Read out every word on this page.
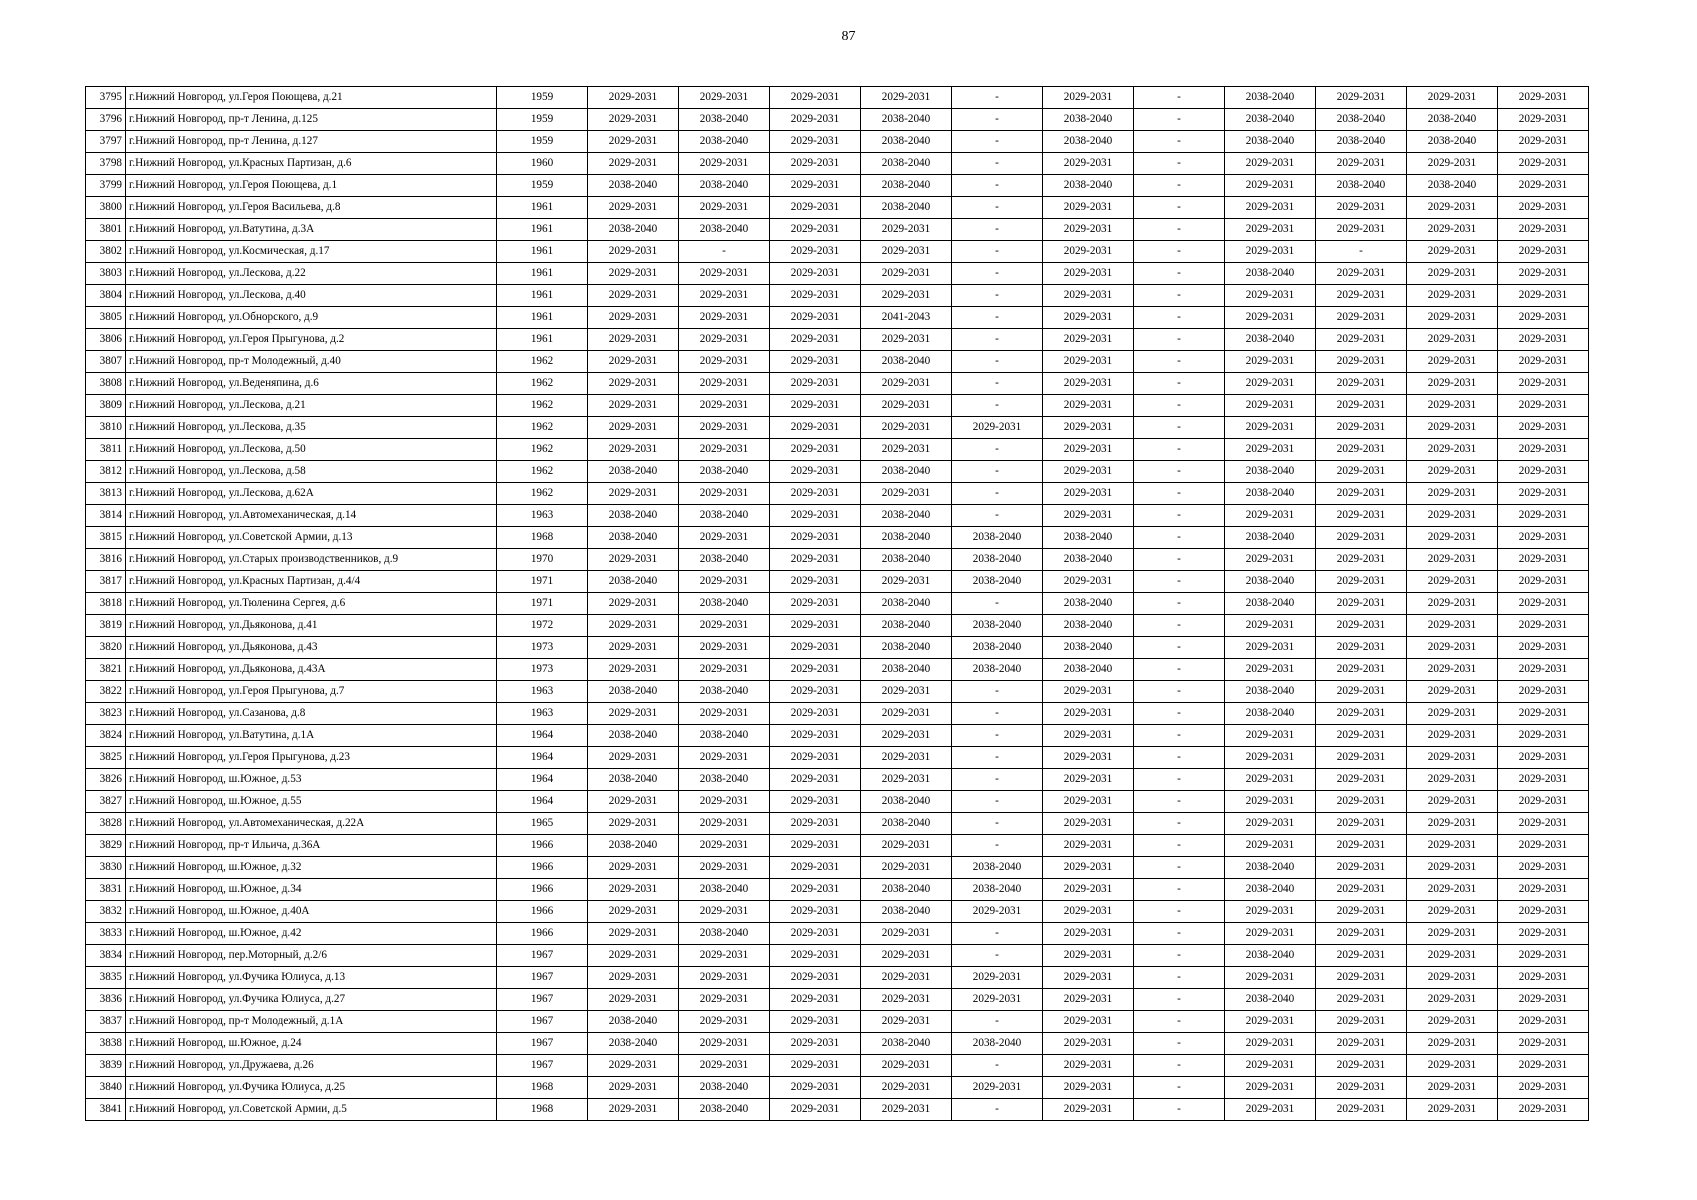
87
3795	г.Нижний Новгород, ул.Героя Поющева, д.21	1959	2029-2031	2029-2031	2029-2031	2029-2031	-	2029-2031	-	2038-2040	2029-2031	2029-2031	2029-2031
3796	г.Нижний Новгород, пр-т Ленина, д.125	1959	2029-2031	2038-2040	2029-2031	2038-2040	-	2038-2040	-	2038-2040	2038-2040	2038-2040	2029-2031
3797	г.Нижний Новгород, пр-т Ленина, д.127	1959	2029-2031	2038-2040	2029-2031	2038-2040	-	2038-2040	-	2038-2040	2038-2040	2038-2040	2029-2031
3798	г.Нижний Новгород, ул.Красных Партизан, д.6	1960	2029-2031	2029-2031	2029-2031	2038-2040	-	2029-2031	-	2029-2031	2029-2031	2029-2031	2029-2031
3799	г.Нижний Новгород, ул.Героя Поющева, д.1	1959	2038-2040	2038-2040	2029-2031	2038-2040	-	2038-2040	-	2029-2031	2038-2040	2038-2040	2029-2031
3800	г.Нижний Новгород, ул.Героя Васильева, д.8	1961	2029-2031	2029-2031	2029-2031	2038-2040	-	2029-2031	-	2029-2031	2029-2031	2029-2031	2029-2031
3801	г.Нижний Новгород, ул.Ватутина, д.3А	1961	2038-2040	2038-2040	2029-2031	2029-2031	-	2029-2031	-	2029-2031	2029-2031	2029-2031	2029-2031
3802	г.Нижний Новгород, ул.Космическая, д.17	1961	2029-2031	-	2029-2031	2029-2031	-	2029-2031	-	2029-2031	-	2029-2031	2029-2031
3803	г.Нижний Новгород, ул.Лескова, д.22	1961	2029-2031	2029-2031	2029-2031	2029-2031	-	2029-2031	-	2038-2040	2029-2031	2029-2031	2029-2031
3804	г.Нижний Новгород, ул.Лескова, д.40	1961	2029-2031	2029-2031	2029-2031	2029-2031	-	2029-2031	-	2029-2031	2029-2031	2029-2031	2029-2031
3805	г.Нижний Новгород, ул.Обнорского, д.9	1961	2029-2031	2029-2031	2029-2031	2041-2043	-	2029-2031	-	2029-2031	2029-2031	2029-2031	2029-2031
3806	г.Нижний Новгород, ул.Героя Прыгунова, д.2	1961	2029-2031	2029-2031	2029-2031	2029-2031	-	2029-2031	-	2038-2040	2029-2031	2029-2031	2029-2031
3807	г.Нижний Новгород, пр-т Молодежный, д.40	1962	2029-2031	2029-2031	2029-2031	2038-2040	-	2029-2031	-	2029-2031	2029-2031	2029-2031	2029-2031
3808	г.Нижний Новгород, ул.Веденяпина, д.6	1962	2029-2031	2029-2031	2029-2031	2029-2031	-	2029-2031	-	2029-2031	2029-2031	2029-2031	2029-2031
3809	г.Нижний Новгород, ул.Лескова, д.21	1962	2029-2031	2029-2031	2029-2031	2029-2031	-	2029-2031	-	2029-2031	2029-2031	2029-2031	2029-2031
3810	г.Нижний Новгород, ул.Лескова, д.35	1962	2029-2031	2029-2031	2029-2031	2029-2031	2029-2031	2029-2031	-	2029-2031	2029-2031	2029-2031	2029-2031
3811	г.Нижний Новгород, ул.Лескова, д.50	1962	2029-2031	2029-2031	2029-2031	2029-2031	-	2029-2031	-	2029-2031	2029-2031	2029-2031	2029-2031
3812	г.Нижний Новгород, ул.Лескова, д.58	1962	2038-2040	2038-2040	2029-2031	2038-2040	-	2029-2031	-	2038-2040	2029-2031	2029-2031	2029-2031
3813	г.Нижний Новгород, ул.Лескова, д.62А	1962	2029-2031	2029-2031	2029-2031	2029-2031	-	2029-2031	-	2038-2040	2029-2031	2029-2031	2029-2031
3814	г.Нижний Новгород, ул.Автомеханическая, д.14	1963	2038-2040	2038-2040	2029-2031	2038-2040	-	2029-2031	-	2029-2031	2029-2031	2029-2031	2029-2031
3815	г.Нижний Новгород, ул.Советской Армии, д.13	1968	2038-2040	2029-2031	2029-2031	2038-2040	2038-2040	2038-2040	-	2038-2040	2029-2031	2029-2031	2029-2031
3816	г.Нижний Новгород, ул.Старых производственников, д.9	1970	2029-2031	2038-2040	2029-2031	2038-2040	2038-2040	2038-2040	-	2029-2031	2029-2031	2029-2031	2029-2031
3817	г.Нижний Новгород, ул.Красных Партизан, д.4/4	1971	2038-2040	2029-2031	2029-2031	2029-2031	2038-2040	2029-2031	-	2038-2040	2029-2031	2029-2031	2029-2031
3818	г.Нижний Новгород, ул.Тюленина Сергея, д.6	1971	2029-2031	2038-2040	2029-2031	2038-2040	-	2038-2040	-	2038-2040	2029-2031	2029-2031	2029-2031
3819	г.Нижний Новгород, ул.Дьяконова, д.41	1972	2029-2031	2029-2031	2029-2031	2038-2040	2038-2040	2038-2040	-	2029-2031	2029-2031	2029-2031	2029-2031
3820	г.Нижний Новгород, ул.Дьяконова, д.43	1973	2029-2031	2029-2031	2029-2031	2038-2040	2038-2040	2038-2040	-	2029-2031	2029-2031	2029-2031	2029-2031
3821	г.Нижний Новгород, ул.Дьяконова, д.43А	1973	2029-2031	2029-2031	2029-2031	2038-2040	2038-2040	2038-2040	-	2029-2031	2029-2031	2029-2031	2029-2031
3822	г.Нижний Новгород, ул.Героя Прыгунова, д.7	1963	2038-2040	2038-2040	2029-2031	2029-2031	-	2029-2031	-	2038-2040	2029-2031	2029-2031	2029-2031
3823	г.Нижний Новгород, ул.Сазанова, д.8	1963	2029-2031	2029-2031	2029-2031	2029-2031	-	2029-2031	-	2038-2040	2029-2031	2029-2031	2029-2031
3824	г.Нижний Новгород, ул.Ватутина, д.1А	1964	2038-2040	2038-2040	2029-2031	2029-2031	-	2029-2031	-	2029-2031	2029-2031	2029-2031	2029-2031
3825	г.Нижний Новгород, ул.Героя Прыгунова, д.23	1964	2029-2031	2029-2031	2029-2031	2029-2031	-	2029-2031	-	2029-2031	2029-2031	2029-2031	2029-2031
3826	г.Нижний Новгород, ш.Южное, д.53	1964	2038-2040	2038-2040	2029-2031	2029-2031	-	2029-2031	-	2029-2031	2029-2031	2029-2031	2029-2031
3827	г.Нижний Новгород, ш.Южное, д.55	1964	2029-2031	2029-2031	2029-2031	2038-2040	-	2029-2031	-	2029-2031	2029-2031	2029-2031	2029-2031
3828	г.Нижний Новгород, ул.Автомеханическая, д.22А	1965	2029-2031	2029-2031	2029-2031	2038-2040	-	2029-2031	-	2029-2031	2029-2031	2029-2031	2029-2031
3829	г.Нижний Новгород, пр-т Ильича, д.36А	1966	2038-2040	2029-2031	2029-2031	2029-2031	-	2029-2031	-	2029-2031	2029-2031	2029-2031	2029-2031
3830	г.Нижний Новгород, ш.Южное, д.32	1966	2029-2031	2029-2031	2029-2031	2029-2031	2038-2040	2029-2031	-	2038-2040	2029-2031	2029-2031	2029-2031
3831	г.Нижний Новгород, ш.Южное, д.34	1966	2029-2031	2038-2040	2029-2031	2038-2040	2038-2040	2029-2031	-	2038-2040	2029-2031	2029-2031	2029-2031
3832	г.Нижний Новгород, ш.Южное, д.40А	1966	2029-2031	2029-2031	2029-2031	2038-2040	2029-2031	2029-2031	-	2029-2031	2029-2031	2029-2031	2029-2031
3833	г.Нижний Новгород, ш.Южное, д.42	1966	2029-2031	2038-2040	2029-2031	2029-2031	-	2029-2031	-	2029-2031	2029-2031	2029-2031	2029-2031
3834	г.Нижний Новгород, пер.Моторный, д.2/6	1967	2029-2031	2029-2031	2029-2031	2029-2031	-	2029-2031	-	2038-2040	2029-2031	2029-2031	2029-2031
3835	г.Нижний Новгород, ул.Фучика Юлиуса, д.13	1967	2029-2031	2029-2031	2029-2031	2029-2031	2029-2031	2029-2031	-	2029-2031	2029-2031	2029-2031	2029-2031
3836	г.Нижний Новгород, ул.Фучика Юлиуса, д.27	1967	2029-2031	2029-2031	2029-2031	2029-2031	2029-2031	2029-2031	-	2038-2040	2029-2031	2029-2031	2029-2031
3837	г.Нижний Новгород, пр-т Молодежный, д.1А	1967	2038-2040	2029-2031	2029-2031	2029-2031	-	2029-2031	-	2029-2031	2029-2031	2029-2031	2029-2031
3838	г.Нижний Новгород, ш.Южное, д.24	1967	2038-2040	2029-2031	2029-2031	2038-2040	2038-2040	2029-2031	-	2029-2031	2029-2031	2029-2031	2029-2031
3839	г.Нижний Новгород, ул.Дружаева, д.26	1967	2029-2031	2029-2031	2029-2031	2029-2031	-	2029-2031	-	2029-2031	2029-2031	2029-2031	2029-2031
3840	г.Нижний Новгород, ул.Фучика Юлиуса, д.25	1968	2029-2031	2038-2040	2029-2031	2029-2031	2029-2031	2029-2031	-	2029-2031	2029-2031	2029-2031	2029-2031
3841	г.Нижний Новгород, ул.Советской Армии, д.5	1968	2029-2031	2038-2040	2029-2031	2029-2031	-	2029-2031	-	2029-2031	2029-2031	2029-2031	2029-2031
